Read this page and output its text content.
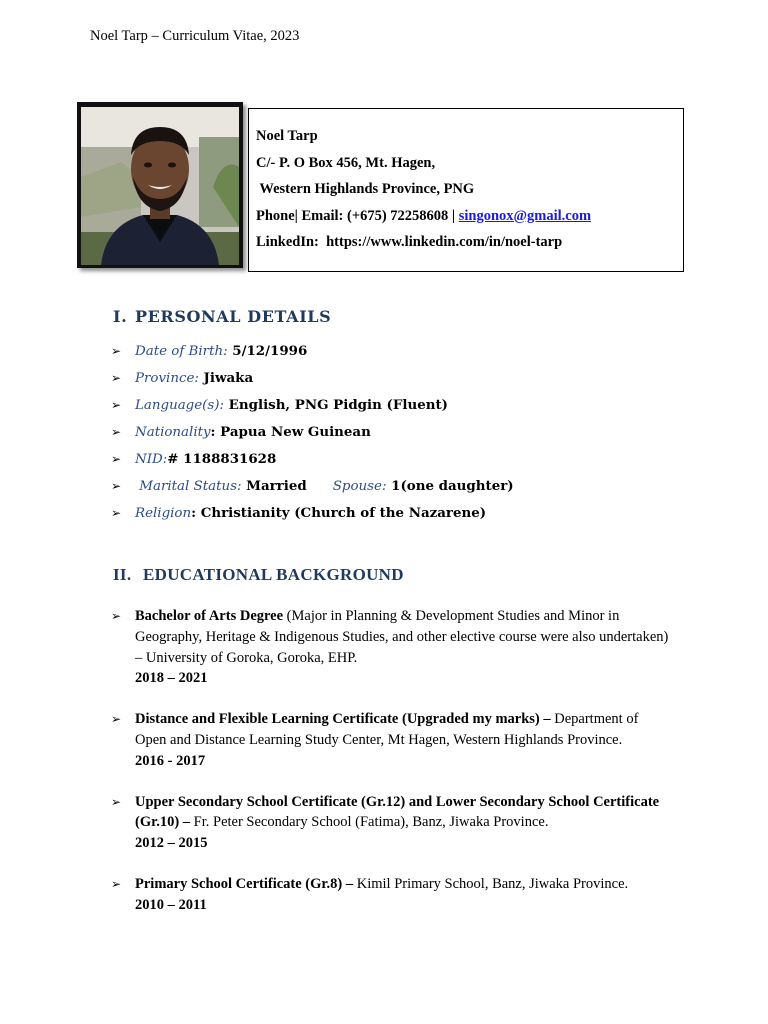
Noel Tarp – Curriculum Vitae, 2023
Noel Tarp
C/- P. O Box 456, Mt. Hagen,
Western Highlands Province, PNG
Phone| Email: (+675) 72258608 | singonox@gmail.com
LinkedIn:  https://www.linkedin.com/in/noel-tarp
I. PERSONAL DETAILS
➢ Date of Birth: 5/12/1996
➢ Province: Jiwaka
➢ Language(s): English, PNG Pidgin (Fluent)
➢ Nationality: Papua New Guinean
➢ NID:# 1188831628
➢ Marital Status: Married Spouse: 1(one daughter)
➢ Religion: Christianity (Church of the Nazarene)
II. EDUCATIONAL BACKGROUND
➢ Bachelor of Arts Degree (Major in Planning & Development Studies and Minor in Geography, Heritage & Indigenous Studies, and other elective course were also undertaken) – University of Goroka, Goroka, EHP.
2018 – 2021
➢ Distance and Flexible Learning Certificate (Upgraded my marks) – Department of Open and Distance Learning Study Center, Mt Hagen, Western Highlands Province.
2016 - 2017
➢ Upper Secondary School Certificate (Gr.12) and Lower Secondary School Certificate (Gr.10) – Fr. Peter Secondary School (Fatima), Banz, Jiwaka Province.
2012 – 2015
➢ Primary School Certificate (Gr.8) – Kimil Primary School, Banz, Jiwaka Province.
2010 – 2011
